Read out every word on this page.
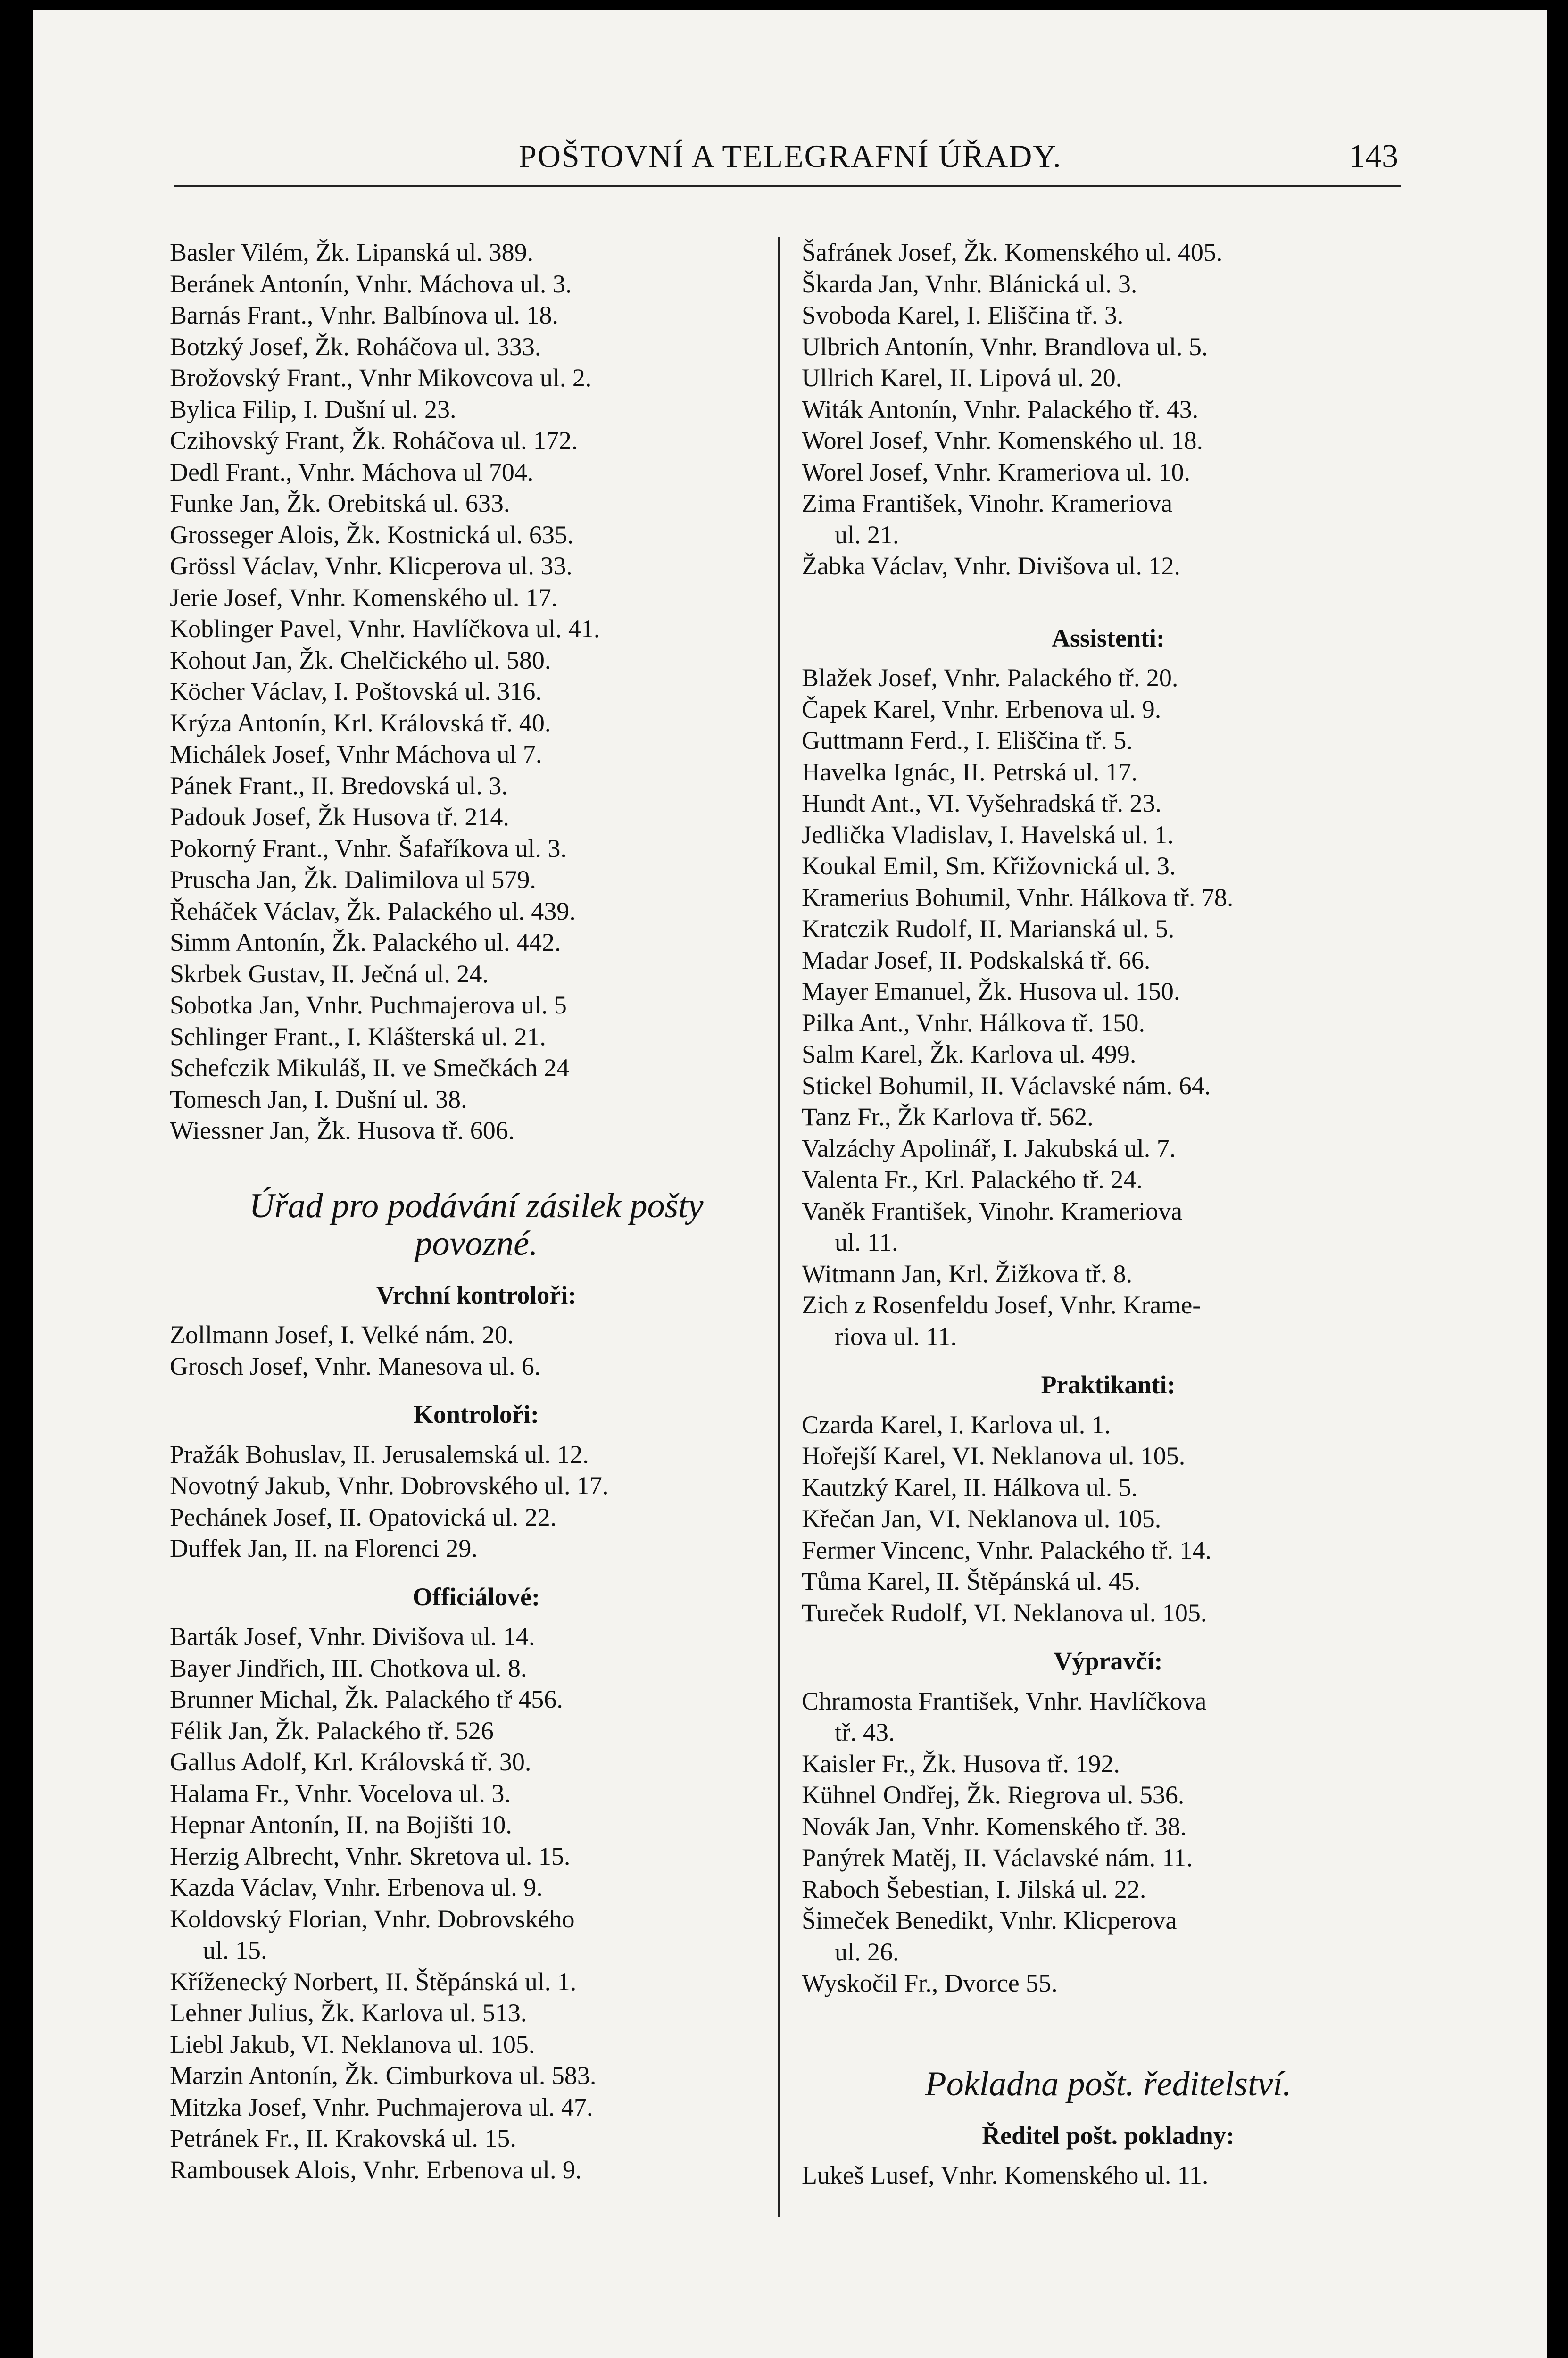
POŠTOVNÍ A TELEGRAFNÍ ÚŘADY.	143

Basler Vilém, Žk. Lipanská ul. 389.

Beránek Antonín, Vnhr. Máchova ul. 3.

Barnás Frant., Vnhr. Balbínova ul. 18.

Botzký Josef, Žk. Roháčova ul. 333.

Brožovský Frant., Vnhr Mikovcova ul. 2.

Bylica Filip, I. Dušní ul. 23.

Czihovský Frant, Žk. Roháčova ul. 172.

Dedl Frant., Vnhr. Máchova ul 704.

Funke Jan, Žk. Orebitská ul. 633.

Grosseger Alois, Žk. Kostnická ul. 635.

Grössl Václav, Vnhr. Klicperova ul. 33.

Jerie Josef, Vnhr. Komenského ul. 17.

Koblinger Pavel, Vnhr. Havlíčkova ul. 41.

Kohout Jan, Žk. Chelčického ul. 580.

Köcher Václav, I. Poštovská ul. 316.

Krýza Antonín, Krl. Královská tř. 40.

Michálek Josef, Vnhr Máchova ul 7.

Pánek Frant., II. Bredovská ul. 3.

Padouk Josef, Žk Husova tř. 214.

Pokorný Frant., Vnhr. Šafaříkova ul. 3.

Pruscha Jan, Žk. Dalimilova ul 579.

Řeháček Václav, Žk. Palackého ul. 439.

Simm Antonín, Žk. Palackého ul. 442.

Skrbek Gustav, II. Ječná ul. 24.

Sobotka Jan, Vnhr. Puchmajerova ul. 5

Schlinger Frant., I. Klášterská ul. 21.

Schefczik Mikuláš, II. ve Smečkách 24

Tomesch Jan, I. Dušní ul. 38.

Wiessner Jan, Žk. Husova tř. 606.

Úřad pro podávání zásilek pošty

povozné.

Vrchní kontroloři:

Zollmann Josef, I. Velké nám. 20.

Grosch Josef, Vnhr. Manesova ul. 6.

Kontroloři:

Pražák Bohuslav, II. Jerusalemská ul. 12.

Novotný Jakub, Vnhr. Dobrovského ul. 17.

Pechánek Josef, II. Opatovická ul. 22.

Duffek Jan, II. na Florenci 29.

Officiálové:

Barták Josef, Vnhr. Divišova ul. 14.

Bayer Jindřich, III. Chotkova ul. 8.

Brunner Michal, Žk. Palackého tř 456.

Félik Jan, Žk. Palackého tř. 526

Gallus Adolf, Krl. Královská tř. 30.

Halama Fr., Vnhr. Vocelova ul. 3.

Hepnar Antonín, II. na Bojišti 10.

Herzig Albrecht, Vnhr. Skretova ul. 15.

Kazda Václav, Vnhr. Erbenova ul. 9.

Koldovský Florian, Vnhr. Dobrovského

ul. 15.

Kříženecký Norbert, II. Štěpánská ul. 1.

Lehner Julius, Žk. Karlova ul. 513.

Liebl Jakub, VI. Neklanova ul. 105.

Marzin Antonín, Žk. Cimburkova ul. 583.

Mitzka Josef, Vnhr. Puchmajerova ul. 47.

Petránek Fr., II. Krakovská ul. 15.

Rambousek Alois, Vnhr. Erbenova ul. 9.

Šafránek Josef, Žk. Komenského ul. 405.

Škarda Jan, Vnhr. Blánická ul. 3.

Svoboda Karel, I. Eliščina tř. 3.

Ulbrich Antonín, Vnhr. Brandlova ul. 5.

Ullrich Karel, II. Lipová ul. 20.

Witák Antonín, Vnhr. Palackého tř. 43.

Worel Josef, Vnhr. Komenského ul. 18.

Worel Josef, Vnhr. Krameriova ul. 10.

Zima František, Vinohr. Krameriova

ul. 21.

Žabka Václav, Vnhr. Divišova ul. 12.

Assistenti:

Blažek Josef, Vnhr. Palackého tř. 20.

Čapek Karel, Vnhr. Erbenova ul. 9.

Guttmann Ferd., I. Eliščina tř. 5.

Havelka Ignác, II. Petrská ul. 17.

Hundt Ant., VI. Vyšehradská tř. 23.

Jedlička Vladislav, I. Havelská ul. 1.

Koukal Emil, Sm. Křižovnická ul. 3.

Kramerius Bohumil, Vnhr. Hálkova tř. 78.

Kratczik Rudolf, II. Marianská ul. 5.

Madar Josef, II. Podskalská tř. 66.

Mayer Emanuel, Žk. Husova ul. 150.

Pilka Ant., Vnhr. Hálkova tř. 150.

Salm Karel, Žk. Karlova ul. 499.

Stickel Bohumil, II. Václavské nám. 64.

Tanz Fr., Žk Karlova tř. 562.

Valzáchy Apolinář, I. Jakubská ul. 7.

Valenta Fr., Krl. Palackého tř. 24.

Vaněk František, Vinohr. Krameriova

ul. 11.

Witmann Jan, Krl. Žižkova tř. 8.

Zich z Rosenfeldu Josef, Vnhr. Krame-

riova ul. 11.

Praktikanti:

Czarda Karel, I. Karlova ul. 1.

Hořejší Karel, VI. Neklanova ul. 105.

Kautzký Karel, II. Hálkova ul. 5.

Křečan Jan, VI. Neklanova ul. 105.

Fermer Vincenc, Vnhr. Palackého tř. 14.

Tůma Karel, II. Štěpánská ul. 45.

Tureček Rudolf, VI. Neklanova ul. 105.

Výpravčí:

Chramosta František, Vnhr. Havlíčkova

tř. 43.

Kaisler Fr., Žk. Husova tř. 192.

Kühnel Ondřej, Žk. Riegrova ul. 536.

Novák Jan, Vnhr. Komenského tř. 38.

Panýrek Matěj, II. Václavské nám. 11.

Raboch Šebestian, I. Jilská ul. 22.

Šimeček Benedikt, Vnhr. Klicperova

ul. 26.

Wyskočil Fr., Dvorce 55.

Pokladna pošt. ředitelství.

Ředitel pošt. pokladny:

Lukeš Lusef, Vnhr. Komenského ul. 11.
